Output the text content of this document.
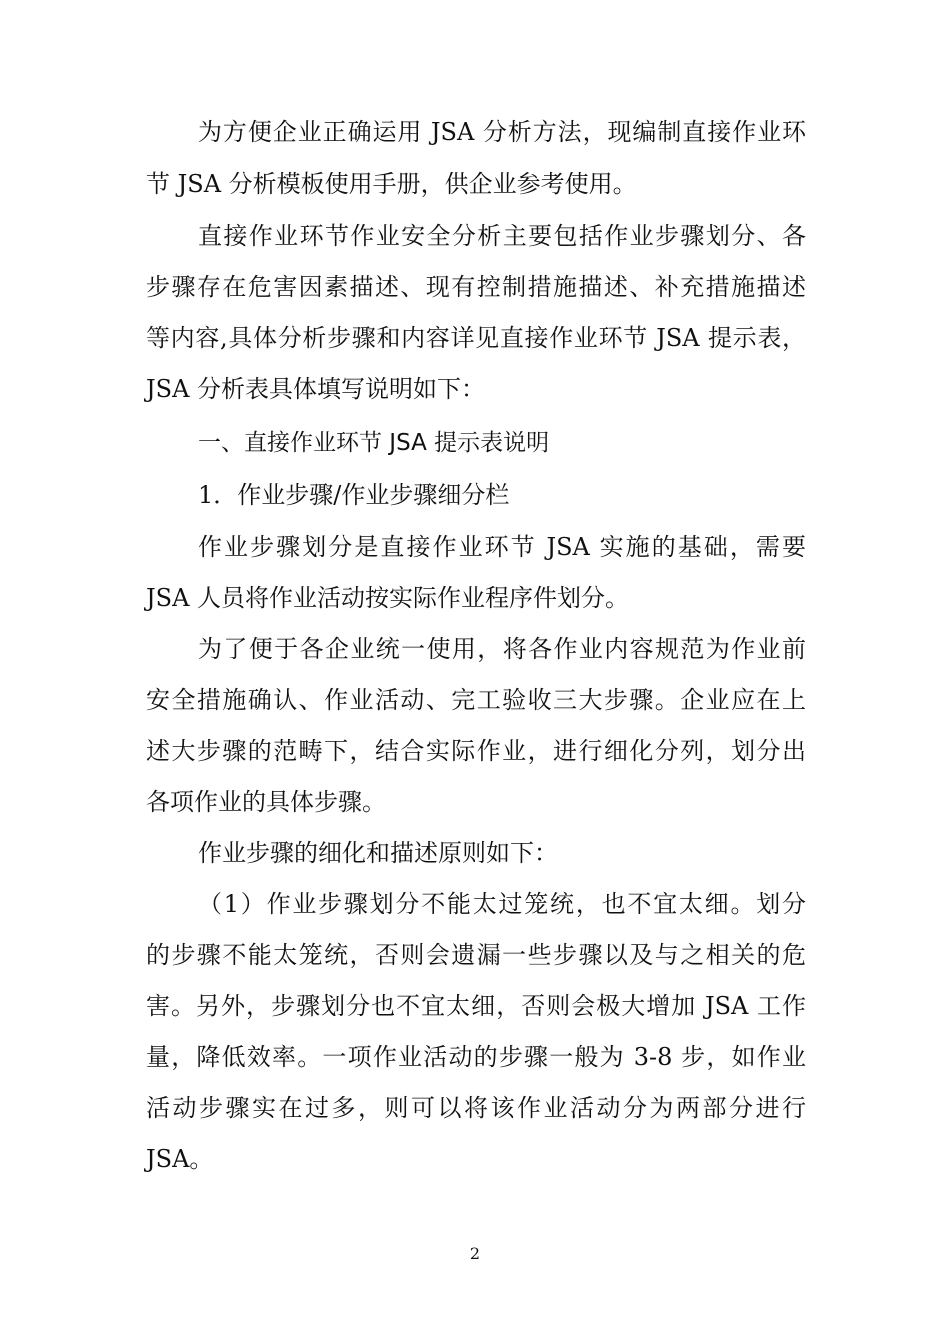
为方便企业正确运用 JSA 分析方法，现编制直接作业环
节 JSA 分析模板使用手册，供企业参考使用。
直接作业环节作业安全分析主要包括作业步骤划分、各
步骤存在危害因素描述、现有控制措施描述、补充措施描述
等内容,具体分析步骤和内容详见直接作业环节 JSA 提示表，
JSA 分析表具体填写说明如下：
一、直接作业环节 JSA 提示表说明
1．作业步骤/作业步骤细分栏
作业步骤划分是直接作业环节 JSA 实施的基础，需要
JSA 人员将作业活动按实际作业程序件划分。
为了便于各企业统一使用，将各作业内容规范为作业前
安全措施确认、作业活动、完工验收三大步骤。企业应在上
述大步骤的范畴下，结合实际作业，进行细化分列，划分出
各项作业的具体步骤。
作业步骤的细化和描述原则如下：
（1）作业步骤划分不能太过笼统，也不宜太细。划分
的步骤不能太笼统，否则会遗漏一些步骤以及与之相关的危
害。另外，步骤划分也不宜太细，否则会极大增加 JSA 工作
量，降低效率。一项作业活动的步骤一般为 3-8 步，如作业
活动步骤实在过多，则可以将该作业活动分为两部分进行
JSA。
2
